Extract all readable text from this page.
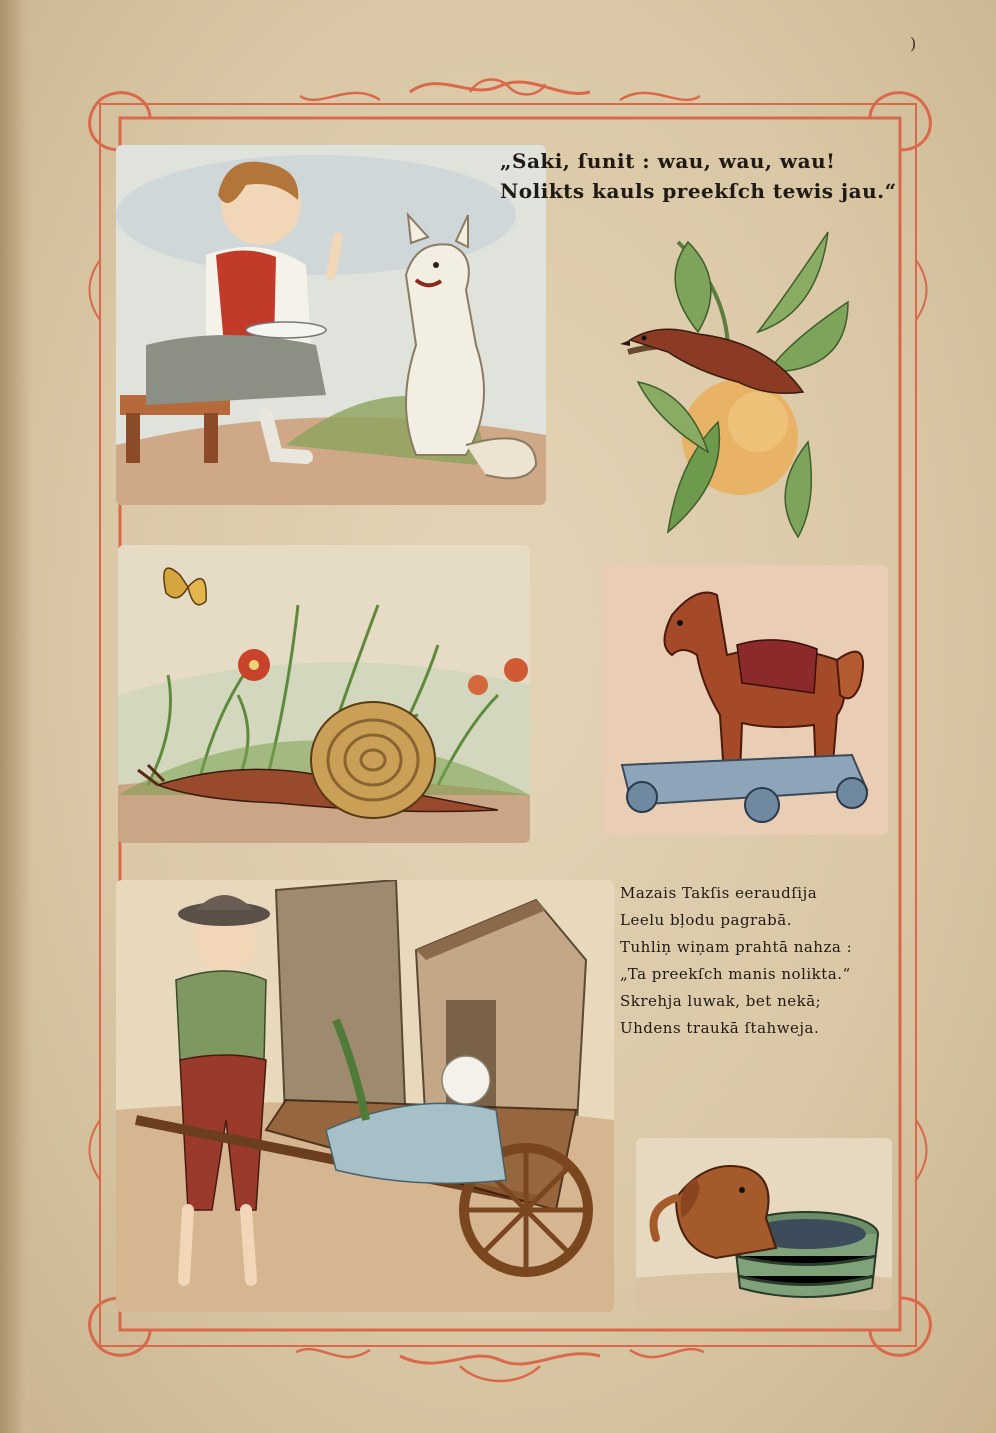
)
„Saki, ſunit : wau, wau, wau!
Nolikts kauls preekſch tewis jau.“
Mazais Takſis eeraudſija
Leelu bļodu pagrabā.
Tuhliņ wiņam prahtā nahza :
„Ta preekſch manis nolikta.“
Skrehja luwak, bet nekā;
Uhdens traukā ſtahweja.
